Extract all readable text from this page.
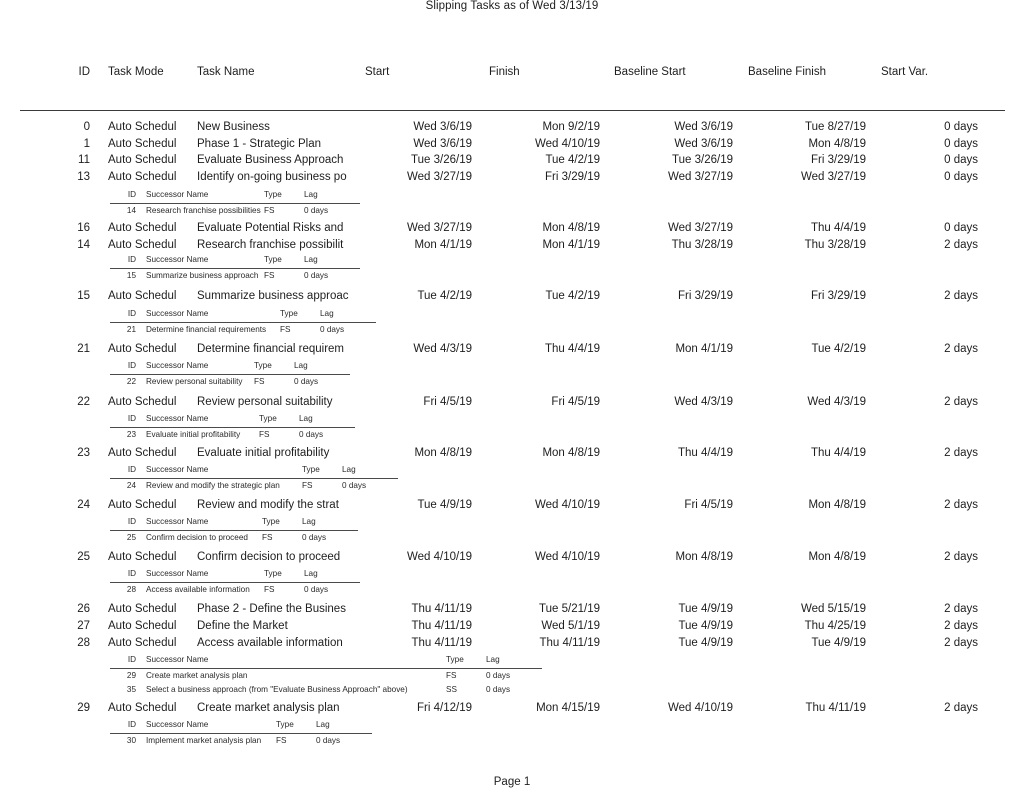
Slipping Tasks as of Wed 3/13/19
ID Task Mode	Task Name	Start	Finish	Baseline Start	Baseline Finish	Start Var.
0 Auto Schedul	New Business	Wed 3/6/19	Mon 9/2/19	Wed 3/6/19	Tue 8/27/19	0 days
1 Auto Schedul	Phase 1 - Strategic Plan	Wed 3/6/19	Wed 4/10/19	Wed 3/6/19	Mon 4/8/19	0 days
11 Auto Schedul	Evaluate Business Approach	Tue 3/26/19	Tue 4/2/19	Tue 3/26/19	Fri 3/29/19	0 days
13 Auto Schedul	Identify on-going business po	Wed 3/27/19	Fri 3/29/19	Wed 3/27/19	Wed 3/27/19	0 days
ID Successor Name	Type	Lag
14 Research franchise possibilities FS	0 days
16 Auto Schedul	Evaluate Potential Risks and	Wed 3/27/19	Mon 4/8/19	Wed 3/27/19	Thu 4/4/19	0 days
14 Auto Schedul	Research franchise possibilit	Mon 4/1/19	Mon 4/1/19	Thu 3/28/19	Thu 3/28/19	2 days
ID Successor Name	Type	Lag
15 Summarize business approach FS	0 days
15 Auto Schedul	Summarize business approac	Tue 4/2/19	Tue 4/2/19	Fri 3/29/19	Fri 3/29/19	2 days
ID Successor Name	Type	Lag
21 Determine financial requirements FS	0 days
21 Auto Schedul	Determine financial requirem	Wed 4/3/19	Thu 4/4/19	Mon 4/1/19	Tue 4/2/19	2 days
ID Successor Name	Type	Lag
22 Review personal suitability FS	0 days
22 Auto Schedul	Review personal suitability	Fri 4/5/19	Fri 4/5/19	Wed 4/3/19	Wed 4/3/19	2 days
ID Successor Name	Type	Lag
23 Evaluate initial profitability FS	0 days
23 Auto Schedul	Evaluate initial profitability	Mon 4/8/19	Mon 4/8/19	Thu 4/4/19	Thu 4/4/19	2 days
ID Successor Name	Type	Lag
24 Review and modify the strategic plan	FS	0 days
24 Auto Schedul	Review and modify the strat	Tue 4/9/19	Wed 4/10/19	Fri 4/5/19	Mon 4/8/19	2 days
ID Successor Name	Type	Lag
25 Confirm decision to proceed FS	0 days
25 Auto Schedul	Confirm decision to proceed	Wed 4/10/19	Wed 4/10/19	Mon 4/8/19	Mon 4/8/19	2 days
ID Successor Name	Type	Lag
28 Access available information FS	0 days
26 Auto Schedul	Phase 2 - Define the Busines	Thu 4/11/19	Tue 5/21/19	Tue 4/9/19	Wed 5/15/19	2 days
27 Auto Schedul	Define the Market	Thu 4/11/19	Wed 5/1/19	Tue 4/9/19	Thu 4/25/19	2 days
28 Auto Schedul	Access available information	Thu 4/11/19	Thu 4/11/19	Tue 4/9/19	Tue 4/9/19	2 days
ID Successor Name	Type	Lag
29 Create market analysis plan	FS	0 days
35 Select a business approach (from "Evaluate Business Approach" above)	SS	0 days
29 Auto Schedul	Create market analysis plan	Fri 4/12/19	Mon 4/15/19	Wed 4/10/19	Thu 4/11/19	2 days
ID Successor Name	Type	Lag
30 Implement market analysis plan FS	0 days
Page 1
